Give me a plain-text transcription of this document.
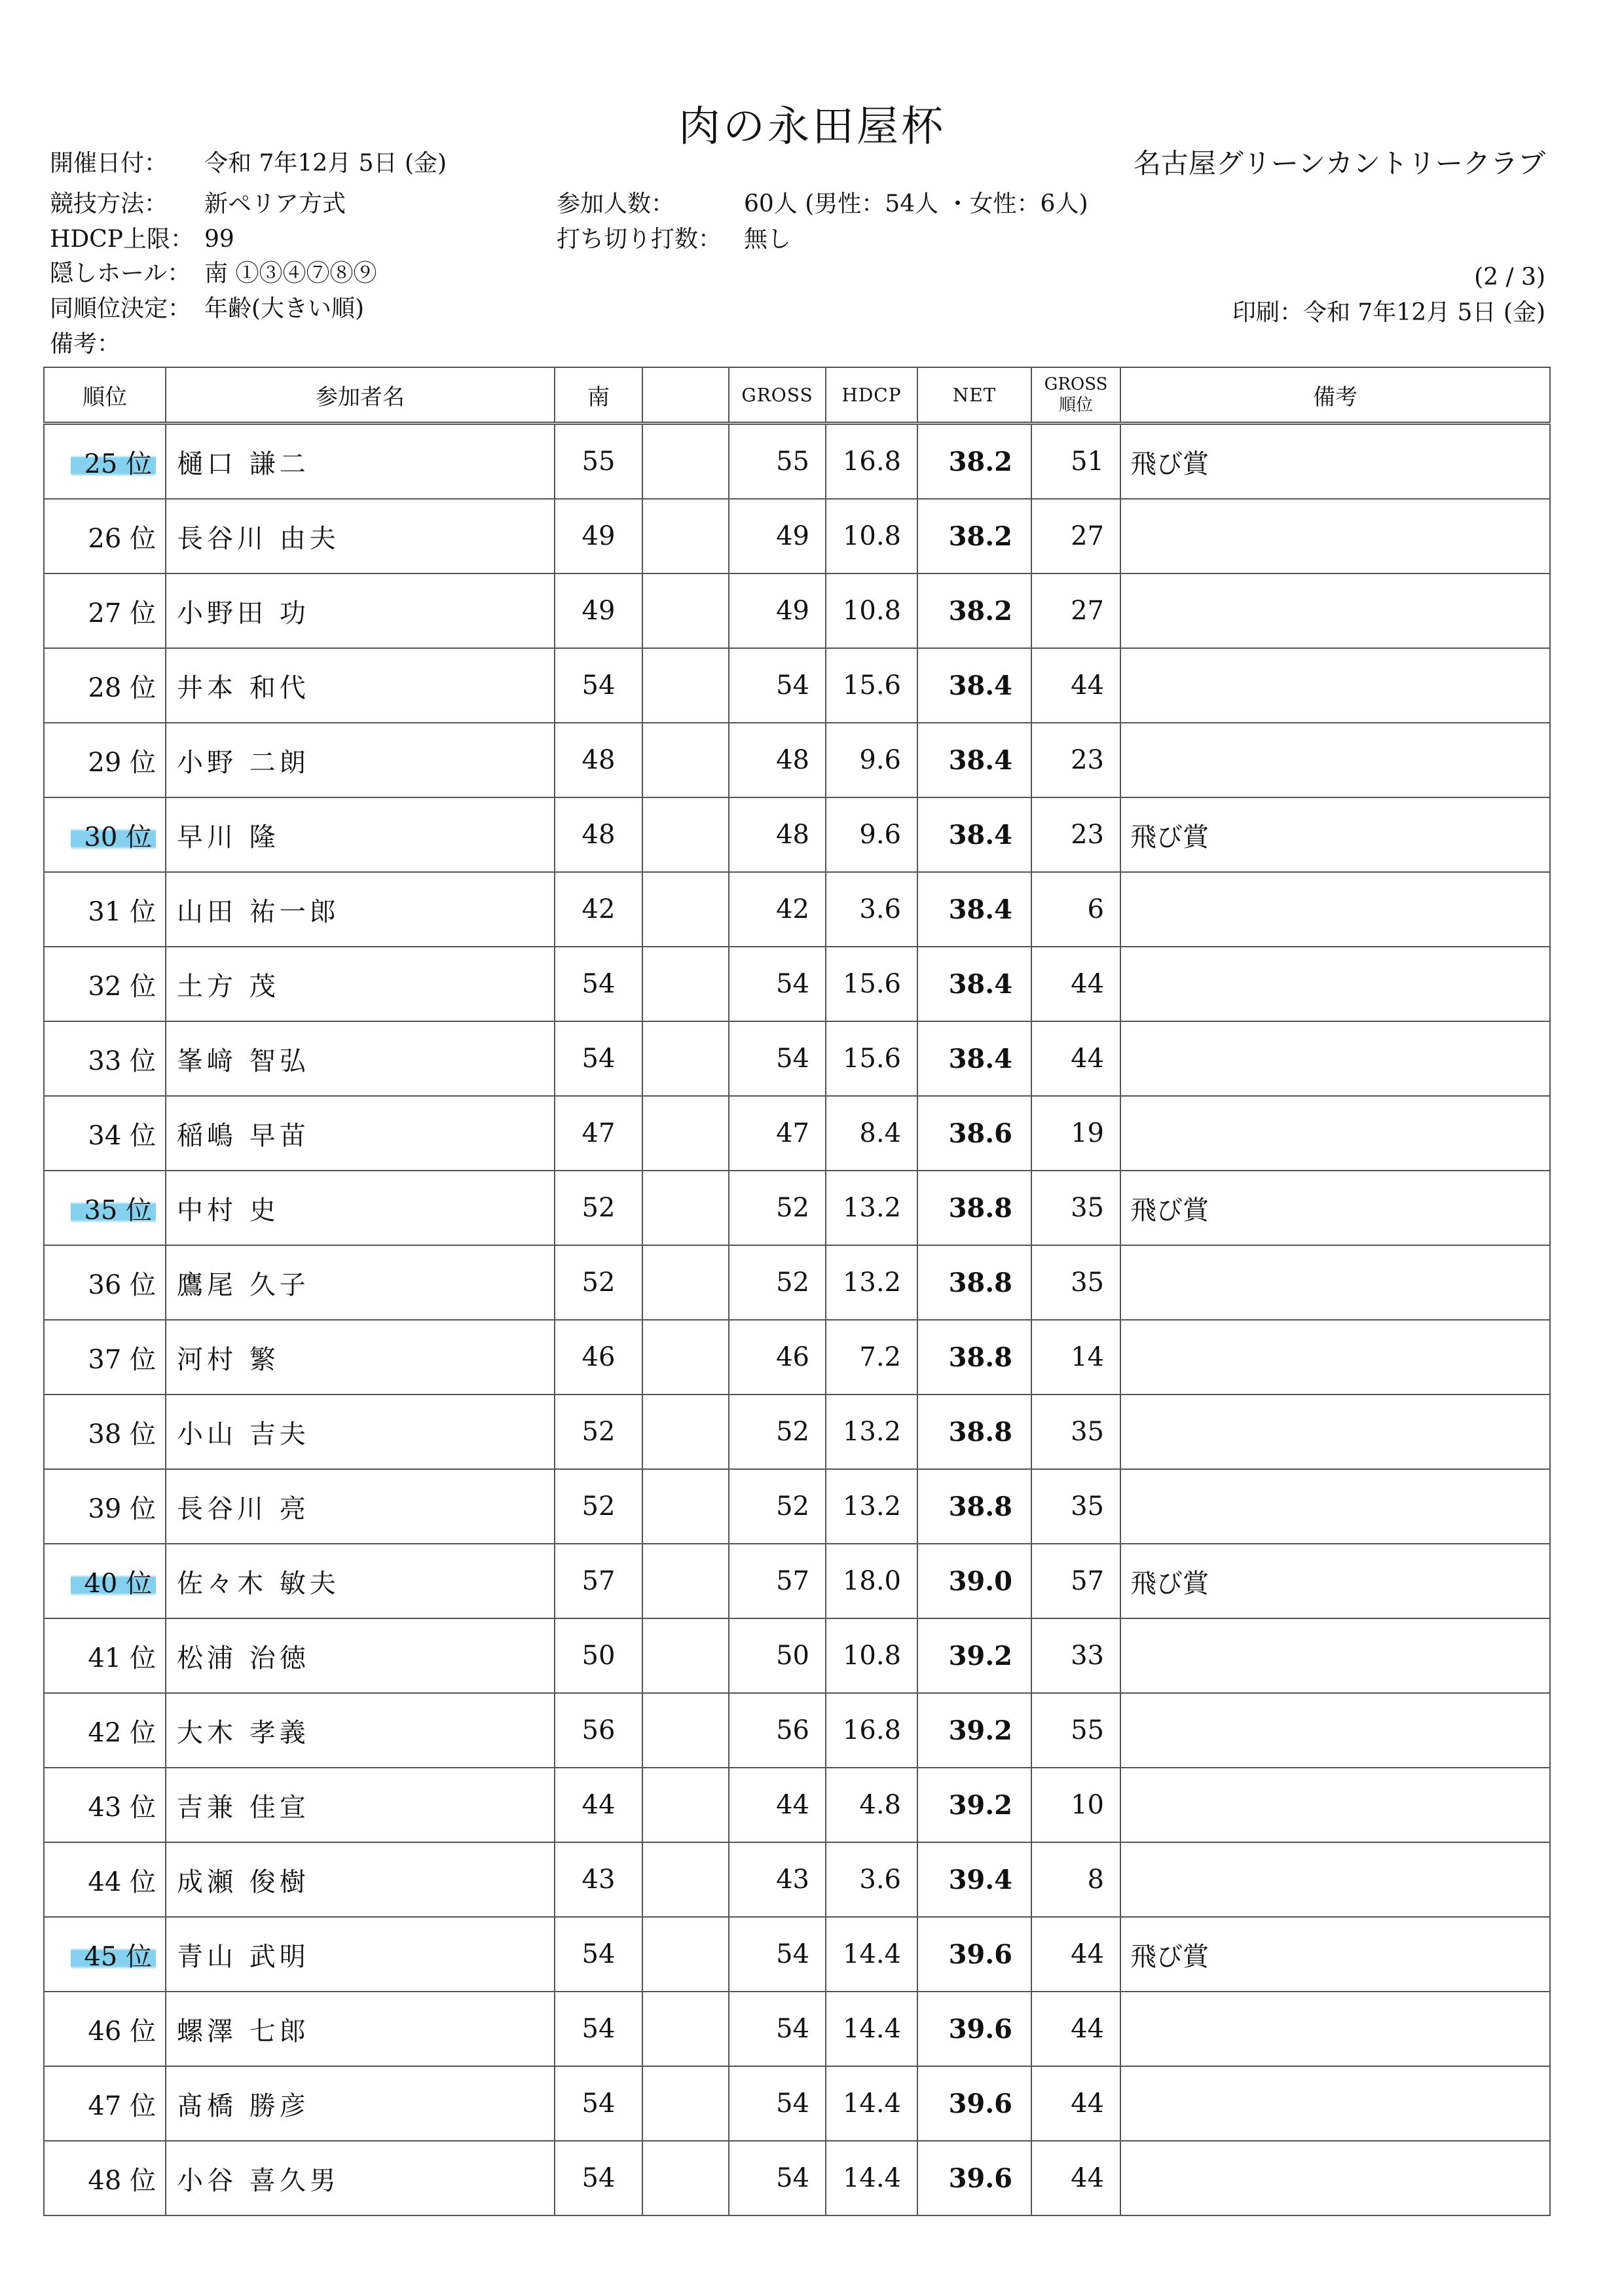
肉の永田屋杯
開催日付： 令和 7年12月 5日 (金)	名古屋グリーンカントリークラブ
競技方法： 新ペリア方式	参加人数：	60人 (男性：54人 ・女性：6人)
HDCP上限： 99	打ち切り打数： 無し
隠しホール： 南 ①③④⑦⑧⑨	(2 / 3)
同順位決定： 年齢(大きい順)	印刷：令和 7年12月 5日 (金)
備考：
順位	参加者名	南		GROSS	HDCP	NET	GROSS
順位	備考
25 位	樋口 謙二	55		55	16.8	38.2	51	飛び賞
26 位	長谷川 由夫	49		49	10.8	38.2	27	
27 位	小野田 功	49		49	10.8	38.2	27	
28 位	井本 和代	54		54	15.6	38.4	44	
29 位	小野 二朗	48		48	9.6	38.4	23	
30 位	早川 隆	48		48	9.6	38.4	23	飛び賞
31 位	山田 祐一郎	42		42	3.6	38.4	6	
32 位	土方 茂	54		54	15.6	38.4	44	
33 位	峯﨑 智弘	54		54	15.6	38.4	44	
34 位	稲嶋 早苗	47		47	8.4	38.6	19	
35 位	中村 史	52		52	13.2	38.8	35	飛び賞
36 位	鷹尾 久子	52		52	13.2	38.8	35	
37 位	河村 繁	46		46	7.2	38.8	14	
38 位	小山 吉夫	52		52	13.2	38.8	35	
39 位	長谷川 亮	52		52	13.2	38.8	35	
40 位	佐々木 敏夫	57		57	18.0	39.0	57	飛び賞
41 位	松浦 治徳	50		50	10.8	39.2	33	
42 位	大木 孝義	56		56	16.8	39.2	55	
43 位	吉兼 佳宣	44		44	4.8	39.2	10	
44 位	成瀬 俊樹	43		43	3.6	39.4	8	
45 位	青山 武明	54		54	14.4	39.6	44	飛び賞
46 位	螺澤 七郎	54		54	14.4	39.6	44	
47 位	髙橋 勝彦	54		54	14.4	39.6	44	
48 位	小谷 喜久男	54		54	14.4	39.6	44	
